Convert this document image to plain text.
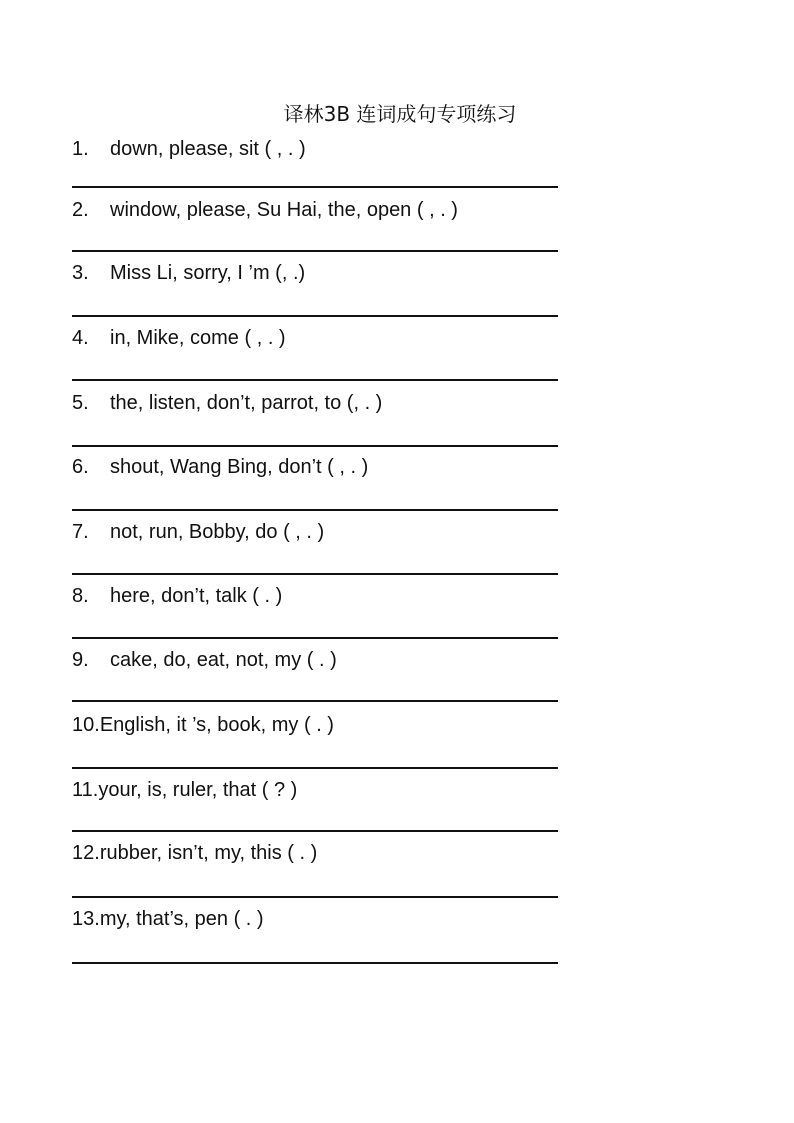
译林3B 连词成句专项练习
1. down, please, sit ( , . )
2. window, please, Su Hai, the, open ( , . )
3. Miss Li, sorry, I ’m (, .)
4. in, Mike, come ( , . )
5. the, listen, don’t, parrot, to (, . )
6. shout, Wang Bing, don’t ( , . )
7. not, run, Bobby, do ( , . )
8. here, don’t, talk ( . )
9. cake, do, eat, not, my ( . )
10.English, it ’s, book, my ( . )
11.your, is, ruler, that ( ? )
12.rubber, isn’t, my, this ( . )
13.my, that’s, pen ( . )
